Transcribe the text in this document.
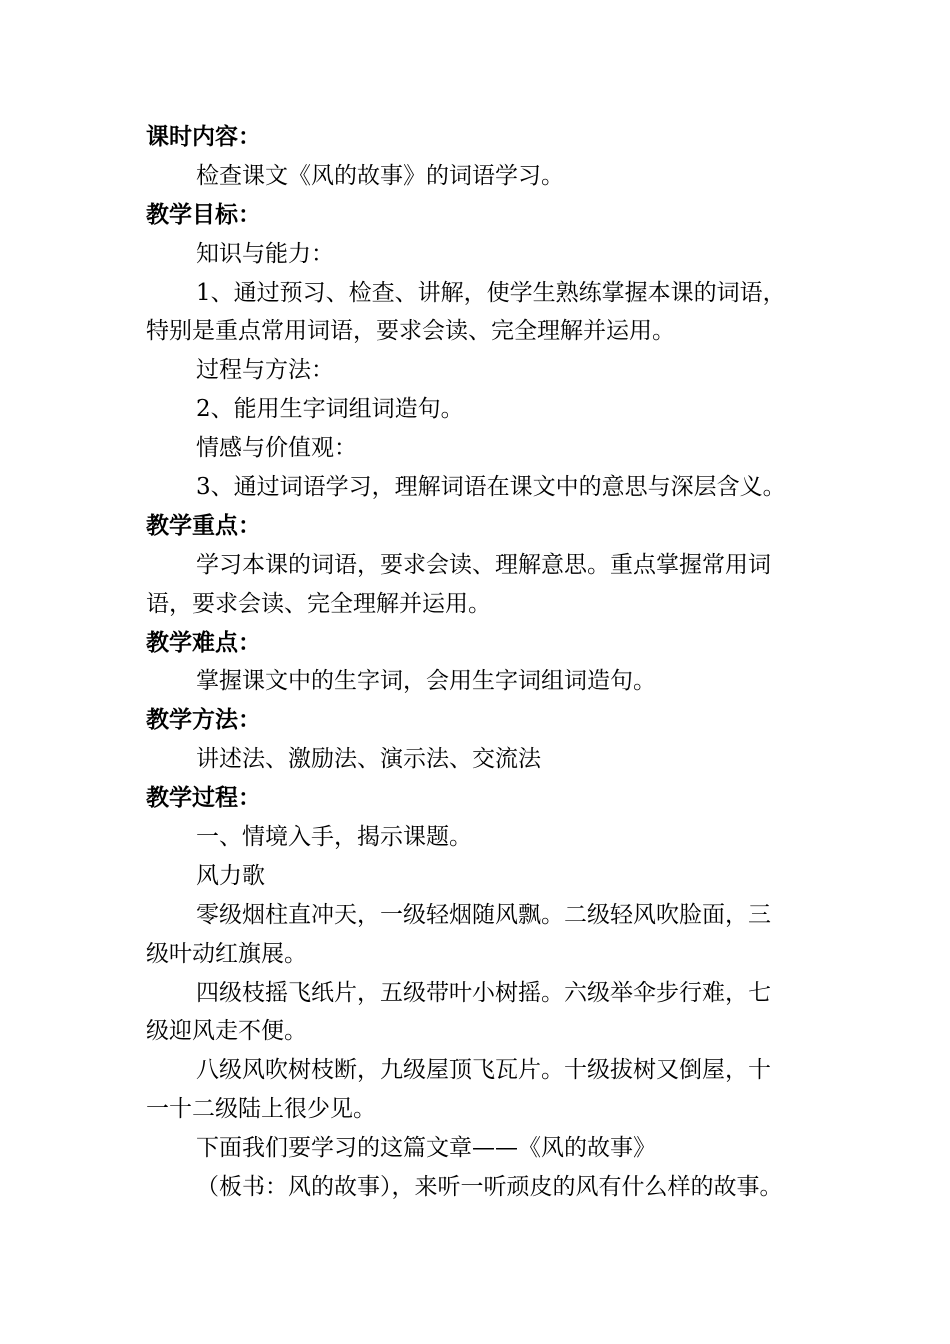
课时内容：
检查课文《风的故事》的词语学习。
教学目标：
知识与能力：
1、通过预习、检查、讲解，使学生熟练掌握本课的词语，
特别是重点常用词语，要求会读、完全理解并运用。
过程与方法：
2、能用生字词组词造句。
情感与价值观：
3、通过词语学习，理解词语在课文中的意思与深层含义。
教学重点：
学习本课的词语，要求会读、理解意思。重点掌握常用词
语，要求会读、完全理解并运用。
教学难点：
掌握课文中的生字词，会用生字词组词造句。
教学方法：
讲述法、激励法、演示法、交流法
教学过程：
一、情境入手，揭示课题。
风力歌
零级烟柱直冲天，一级轻烟随风飘。二级轻风吹脸面，三
级叶动红旗展。
四级枝摇飞纸片，五级带叶小树摇。六级举伞步行难，七
级迎风走不便。
八级风吹树枝断，九级屋顶飞瓦片。十级拔树又倒屋，十
一十二级陆上很少见。
下面我们要学习的这篇文章——《风的故事》
（板书：风的故事），来听一听顽皮的风有什么样的故事。
